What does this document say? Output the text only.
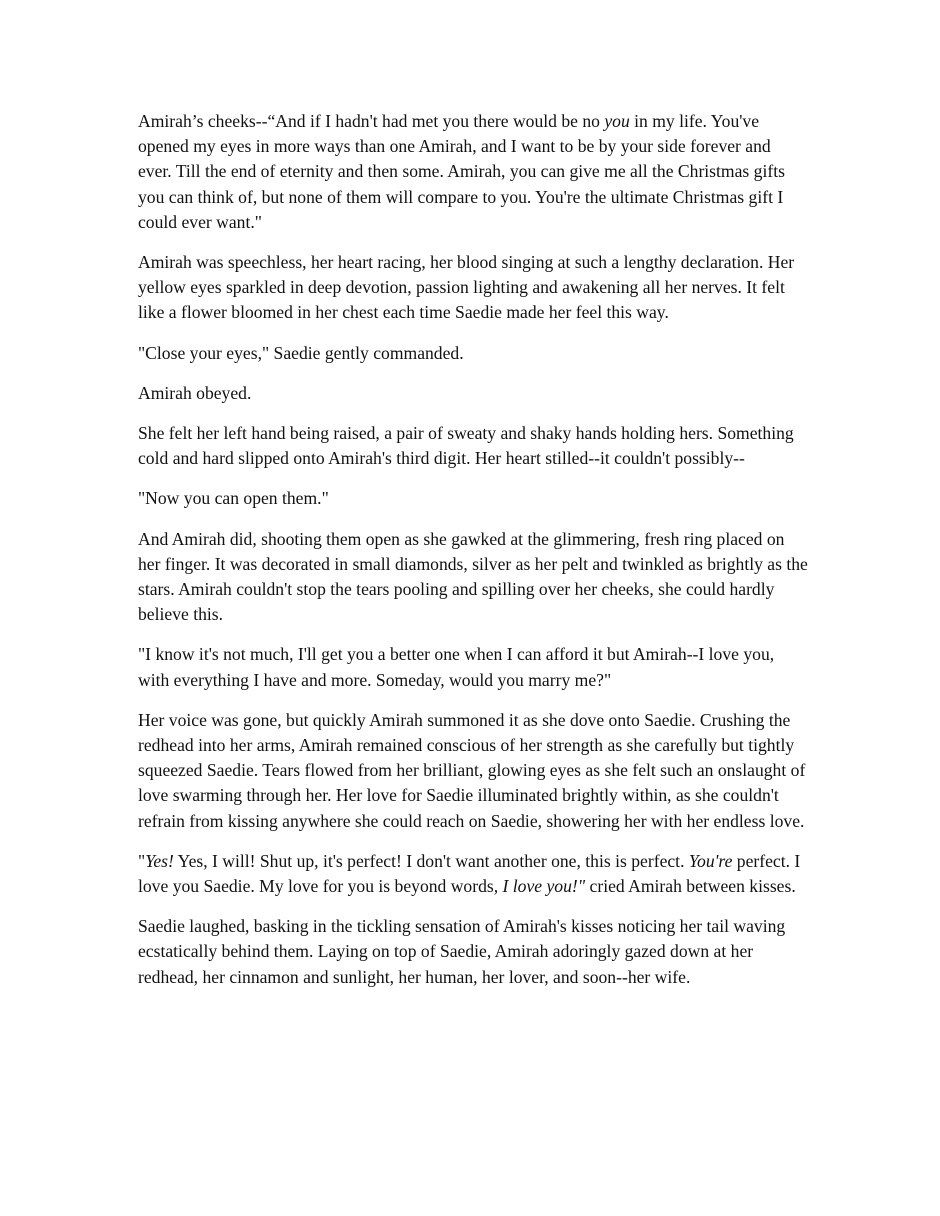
Amirah’s cheeks--“And if I hadn't had met you there would be no you in my life. You've opened my eyes in more ways than one Amirah, and I want to be by your side forever and ever. Till the end of eternity and then some. Amirah, you can give me all the Christmas gifts you can think of, but none of them will compare to you. You're the ultimate Christmas gift I could ever want."

Amirah was speechless, her heart racing, her blood singing at such a lengthy declaration. Her yellow eyes sparkled in deep devotion, passion lighting and awakening all her nerves. It felt like a flower bloomed in her chest each time Saedie made her feel this way.

"Close your eyes," Saedie gently commanded.

Amirah obeyed.

She felt her left hand being raised, a pair of sweaty and shaky hands holding hers. Something cold and hard slipped onto Amirah's third digit. Her heart stilled--it couldn't possibly--

"Now you can open them."

And Amirah did, shooting them open as she gawked at the glimmering, fresh ring placed on her finger. It was decorated in small diamonds, silver as her pelt and twinkled as brightly as the stars. Amirah couldn't stop the tears pooling and spilling over her cheeks, she could hardly believe this.

"I know it's not much, I'll get you a better one when I can afford it but Amirah--I love you, with everything I have and more. Someday, would you marry me?"

Her voice was gone, but quickly Amirah summoned it as she dove onto Saedie. Crushing the redhead into her arms, Amirah remained conscious of her strength as she carefully but tightly squeezed Saedie. Tears flowed from her brilliant, glowing eyes as she felt such an onslaught of love swarming through her. Her love for Saedie illuminated brightly within, as she couldn't refrain from kissing anywhere she could reach on Saedie, showering her with her endless love.

"Yes! Yes, I will! Shut up, it's perfect! I don't want another one, this is perfect. You're perfect. I love you Saedie. My love for you is beyond words, I love you!" cried Amirah between kisses.

Saedie laughed, basking in the tickling sensation of Amirah's kisses noticing her tail waving ecstatically behind them. Laying on top of Saedie, Amirah adoringly gazed down at her redhead, her cinnamon and sunlight, her human, her lover, and soon--her wife.
